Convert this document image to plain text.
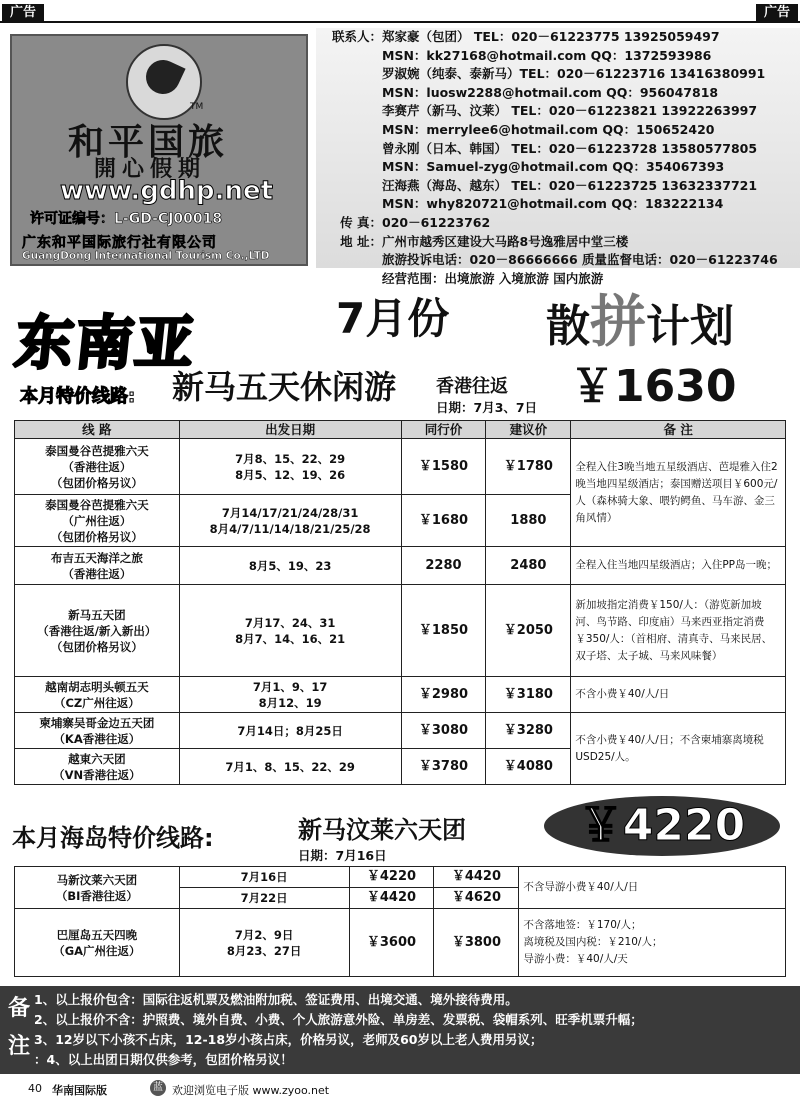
广告	广告
TM
和平国旅
開心假期
www.gdhp.net
许可证编号：L-GD-CJ00018
广东和平国际旅行社有限公司
GuangDong International Tourism Co.,LTD
联系人：郑家豪（包团） TEL：020－61223775 13925059497
MSN：kk27168@hotmail.com QQ：1372593986
罗淑婉（纯泰、泰新马）TEL：020－61223716 13416380991
MSN：luosw2288@hotmail.com QQ：956047818
李赛芹（新马、汶莱） TEL：020－61223821 13922263997
MSN：merrylee6@hotmail.com QQ：150652420
曾永刚（日本、韩国） TEL：020－61223728 13580577805
MSN：Samuel-zyg@hotmail.com QQ：354067393
汪海燕（海岛、越东） TEL：020－61223725 13632337721
MSN：why820721@hotmail.com QQ：183222134
传 真：020－61223762
地 址：广州市越秀区建设大马路8号逸雅居中堂三楼
旅游投诉电话：020－86666666 质量监督电话：020－61223746
经营范围：出境旅游 入境旅游 国内旅游
东南亚	7月份 散拼计划
本月特价线路: 新马五天休闲游 香港往返
日期：7月3、7日 ￥1630
线 路	出发日期	同行价	建议价	备 注
泰国曼谷芭提雅六天
（香港往返）
（包团价格另议）	7月8、15、22、29
8月5、12、19、26	￥1580	￥1780	全程入住3晚当地五星级酒店、芭堤雅入住2晚当地四星级酒店；泰国赠送项目￥600元/人（森林骑大象、喂钓鳄鱼、马车游、金三角风情）
泰国曼谷芭提雅六天
（广州往返）
（包团价格另议）	7月14/17/21/24/28/31
8月4/7/11/14/18/21/25/28	￥1680	1880	
布吉五天海洋之旅
（香港往返）	8月5、19、23	2280	2480	全程入住当地四星级酒店；入住PP岛一晚；
新马五天团
（香港往返/新入新出）
（包团价格另议）	7月17、24、31
8月7、14、16、21	￥1850	￥2050	新加坡指定消费￥150/人：（游览新加坡河、鸟节路、印度庙）马来西亚指定消费￥350/人：（首相府、清真寺、马来民居、双子塔、太子城、马来风味餐）
越南胡志明头顿五天
（CZ广州往返）	7月1、9、17
8月12、19	￥2980	￥3180	不含小费￥40/人/日
柬埔寨吴哥金边五天团
（KA香港往返）	7月14日；8月25日	￥3080	￥3280	不含小费￥40/人/日；不含柬埔寨离境税USD25/人。
越東六天团
（VN香港往返）	7月1、8、15、22、29	￥3780	￥4080	
本月海岛特价线路:	新马汶莱六天团
日期：7月16日
￥4220
马新汶莱六天团
（BI香港往返）	7月16日	￥4220	￥4420	不含导游小费￥40/人/日
	7月22日	￥4420	￥4620	
巴厘岛五天四晚
（GA广州往返）	7月2、9日
8月23、27日	￥3600	￥3800	不含落地签：￥170/人；
离境税及国内税：￥210/人；
导游小费：￥40/人/天
备注
1、以上报价包含：国际往返机票及燃油附加税、签证费用、出境交通、境外接待费用。
2、以上报价不含：护照费、境外自费、小费、个人旅游意外险、单房差、发票税、袋帽系列、旺季机票升幅；
3、12岁以下小孩不占床，12-18岁小孩占床，价格另议，老师及60岁以上老人费用另议；
：4、以上出团日期仅供参考，包团价格另议！
40 华南国际版	蓝 欢迎浏览电子版 www.zyoo.net
